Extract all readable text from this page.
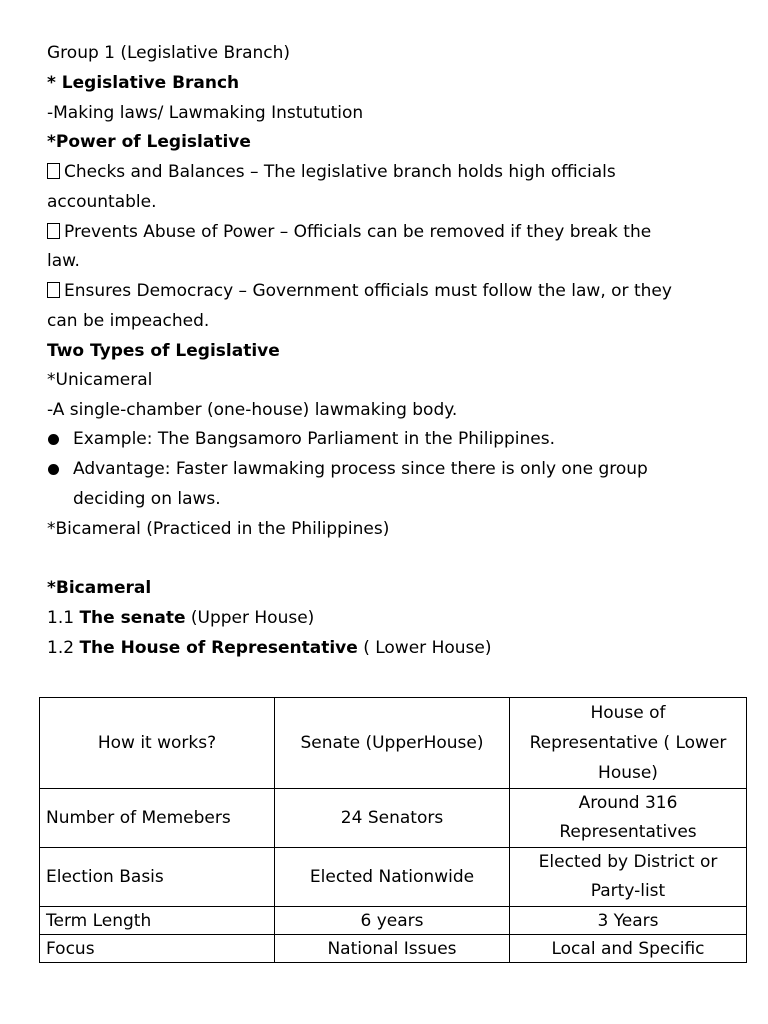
Group 1 (Legislative Branch)
* Legislative Branch
-Making laws/ Lawmaking Instutution
*Power of Legislative
Checks and Balances – The legislative branch holds high officials
accountable.
Prevents Abuse of Power – Officials can be removed if they break the
law.
Ensures Democracy – Government officials must follow the law, or they
can be impeached.
Two Types of Legislative
*Unicameral
-A single-chamber (one-house) lawmaking body.
Example: The Bangsamoro Parliament in the Philippines.
Advantage: Faster lawmaking process since there is only one group
deciding on laws.
*Bicameral (Practiced in the Philippines)
*Bicameral
1.1 The senate (Upper House)
1.2 The House of Representative ( Lower House)
How it works?	Senate (UpperHouse)	House of
Representative ( Lower
House)
Number of Memebers	24 Senators	Around 316
Representatives
Election Basis	Elected Nationwide	Elected by District or
Party-list
Term Length	6 years	3 Years
Focus	National Issues	Local and Specific
